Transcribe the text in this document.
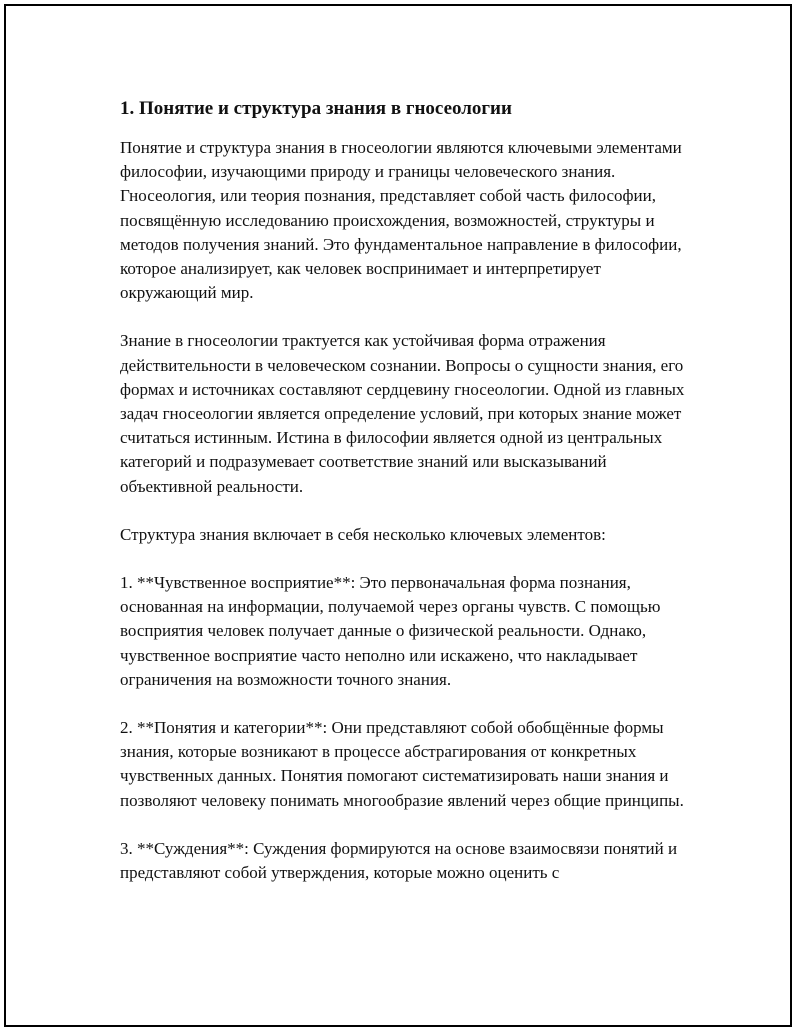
1. Понятие и структура знания в гносеологии

Понятие и структура знания в гносеологии являются ключевыми элементами философии, изучающими природу и границы человеческого знания. Гносеология, или теория познания, представляет собой часть философии, посвящённую исследованию происхождения, возможностей, структуры и методов получения знаний. Это фундаментальное направление в философии, которое анализирует, как человек воспринимает и интерпретирует окружающий мир.

Знание в гносеологии трактуется как устойчивая форма отражения действительности в человеческом сознании. Вопросы о сущности знания, его формах и источниках составляют сердцевину гносеологии. Одной из главных задач гносеологии является определение условий, при которых знание может считаться истинным. Истина в философии является одной из центральных категорий и подразумевает соответствие знаний или высказываний объективной реальности.

Структура знания включает в себя несколько ключевых элементов:

1. **Чувственное восприятие**: Это первоначальная форма познания, основанная на информации, получаемой через органы чувств. С помощью восприятия человек получает данные о физической реальности. Однако, чувственное восприятие часто неполно или искажено, что накладывает ограничения на возможности точного знания.

2. **Понятия и категории**: Они представляют собой обобщённые формы знания, которые возникают в процессе абстрагирования от конкретных чувственных данных. Понятия помогают систематизировать наши знания и позволяют человеку понимать многообразие явлений через общие принципы.

3. **Суждения**: Суждения формируются на основе взаимосвязи понятий и представляют собой утверждения, которые можно оценить с
